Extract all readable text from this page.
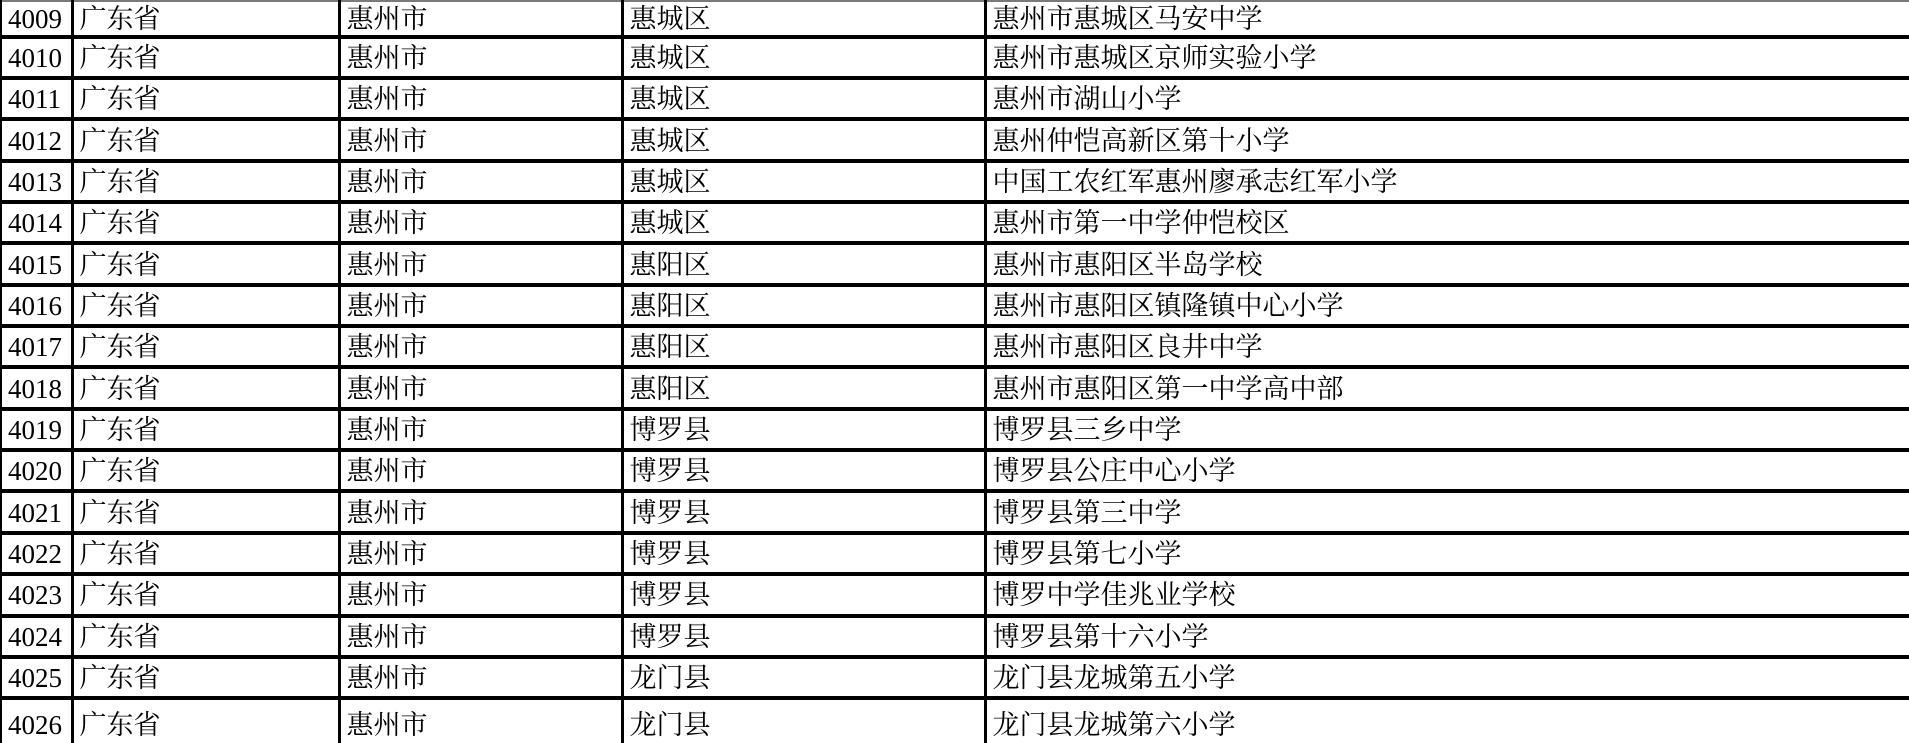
4009	广东省	惠州市	惠城区	惠州市惠城区马安中学
4010	广东省	惠州市	惠城区	惠州市惠城区京师实验小学
4011	广东省	惠州市	惠城区	惠州市湖山小学
4012	广东省	惠州市	惠城区	惠州仲恺高新区第十小学
4013	广东省	惠州市	惠城区	中国工农红军惠州廖承志红军小学
4014	广东省	惠州市	惠城区	惠州市第一中学仲恺校区
4015	广东省	惠州市	惠阳区	惠州市惠阳区半岛学校
4016	广东省	惠州市	惠阳区	惠州市惠阳区镇隆镇中心小学
4017	广东省	惠州市	惠阳区	惠州市惠阳区良井中学
4018	广东省	惠州市	惠阳区	惠州市惠阳区第一中学高中部
4019	广东省	惠州市	博罗县	博罗县三乡中学
4020	广东省	惠州市	博罗县	博罗县公庄中心小学
4021	广东省	惠州市	博罗县	博罗县第三中学
4022	广东省	惠州市	博罗县	博罗县第七小学
4023	广东省	惠州市	博罗县	博罗中学佳兆业学校
4024	广东省	惠州市	博罗县	博罗县第十六小学
4025	广东省	惠州市	龙门县	龙门县龙城第五小学
4026	广东省	惠州市	龙门县	龙门县龙城第六小学
